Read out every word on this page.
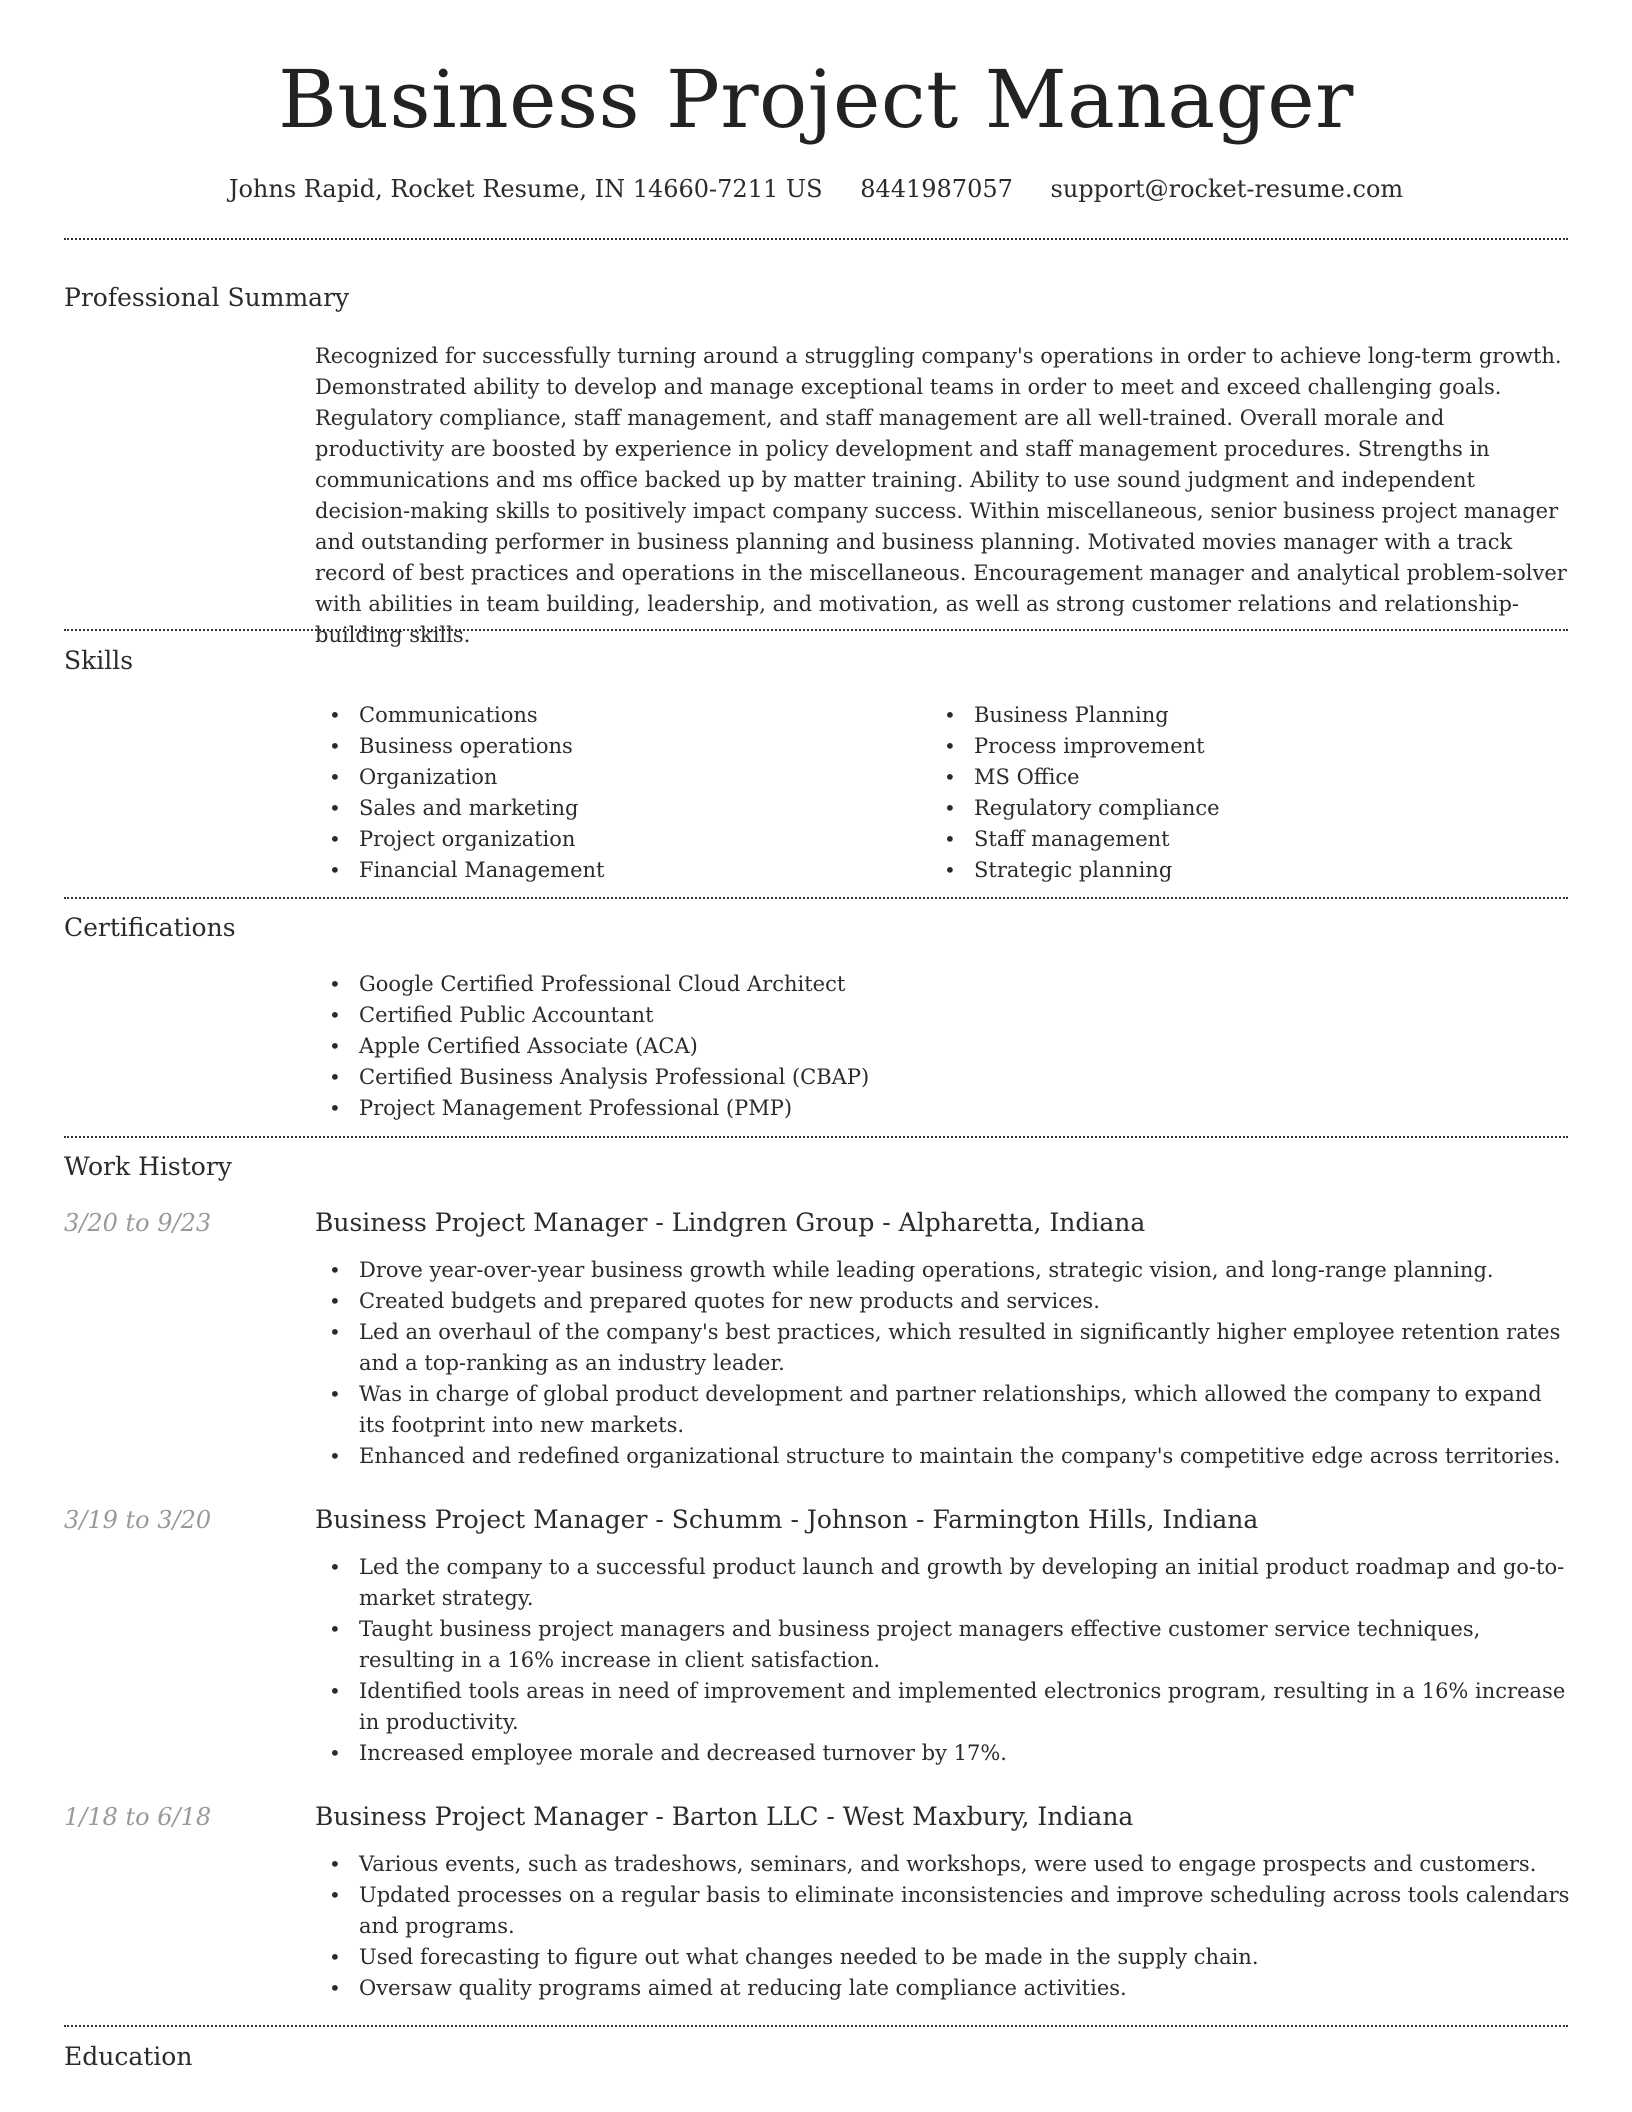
Business Project Manager
Johns Rapid, Rocket Resume, IN 14660-7211 US 8441987057 support@rocket-resume.com
Professional Summary

Recognized for successfully turning around a struggling company's operations in order to achieve long-term growth. Demonstrated ability to develop and manage exceptional teams in order to meet and exceed challenging goals. Regulatory compliance, staff management, and staff management are all well-trained. Overall morale and productivity are boosted by experience in policy development and staff management procedures. Strengths in communications and ms office backed up by matter training. Ability to use sound judgment and independent decision-making skills to positively impact company success. Within miscellaneous, senior business project manager and outstanding performer in business planning and business planning. Motivated movies manager with a track record of best practices and operations in the miscellaneous. Encouragement manager and analytical problem-solver with abilities in team building, leadership, and motivation, as well as strong customer relations and relationship-building skills.

Skills
• Communications
• Business operations
• Organization
• Sales and marketing
• Project organization
• Financial Management
• Business Planning
• Process improvement
• MS Office
• Regulatory compliance
• Staff management
• Strategic planning
Certifications
• Google Certified Professional Cloud Architect
• Certified Public Accountant
• Apple Certified Associate (ACA)
• Certified Business Analysis Professional (CBAP)
• Project Management Professional (PMP)
Work History
3/20 to 9/23	Business Project Manager - Lindgren Group - Alpharetta, Indiana
• Drove year-over-year business growth while leading operations, strategic vision, and long-range planning.
• Created budgets and prepared quotes for new products and services.
• Led an overhaul of the company's best practices, which resulted in significantly higher employee retention rates and a top-ranking as an industry leader.
• Was in charge of global product development and partner relationships, which allowed the company to expand its footprint into new markets.
• Enhanced and redefined organizational structure to maintain the company's competitive edge across territories.
3/19 to 3/20	Business Project Manager - Schumm - Johnson - Farmington Hills, Indiana
• Led the company to a successful product launch and growth by developing an initial product roadmap and go-to-market strategy.
• Taught business project managers and business project managers effective customer service techniques, resulting in a 16% increase in client satisfaction.
• Identified tools areas in need of improvement and implemented electronics program, resulting in a 16% increase in productivity.
• Increased employee morale and decreased turnover by 17%.
1/18 to 6/18	Business Project Manager - Barton LLC - West Maxbury, Indiana
• Various events, such as tradeshows, seminars, and workshops, were used to engage prospects and customers.
• Updated processes on a regular basis to eliminate inconsistencies and improve scheduling across tools calendars and programs.
• Used forecasting to figure out what changes needed to be made in the supply chain.
• Oversaw quality programs aimed at reducing late compliance activities.
Education
